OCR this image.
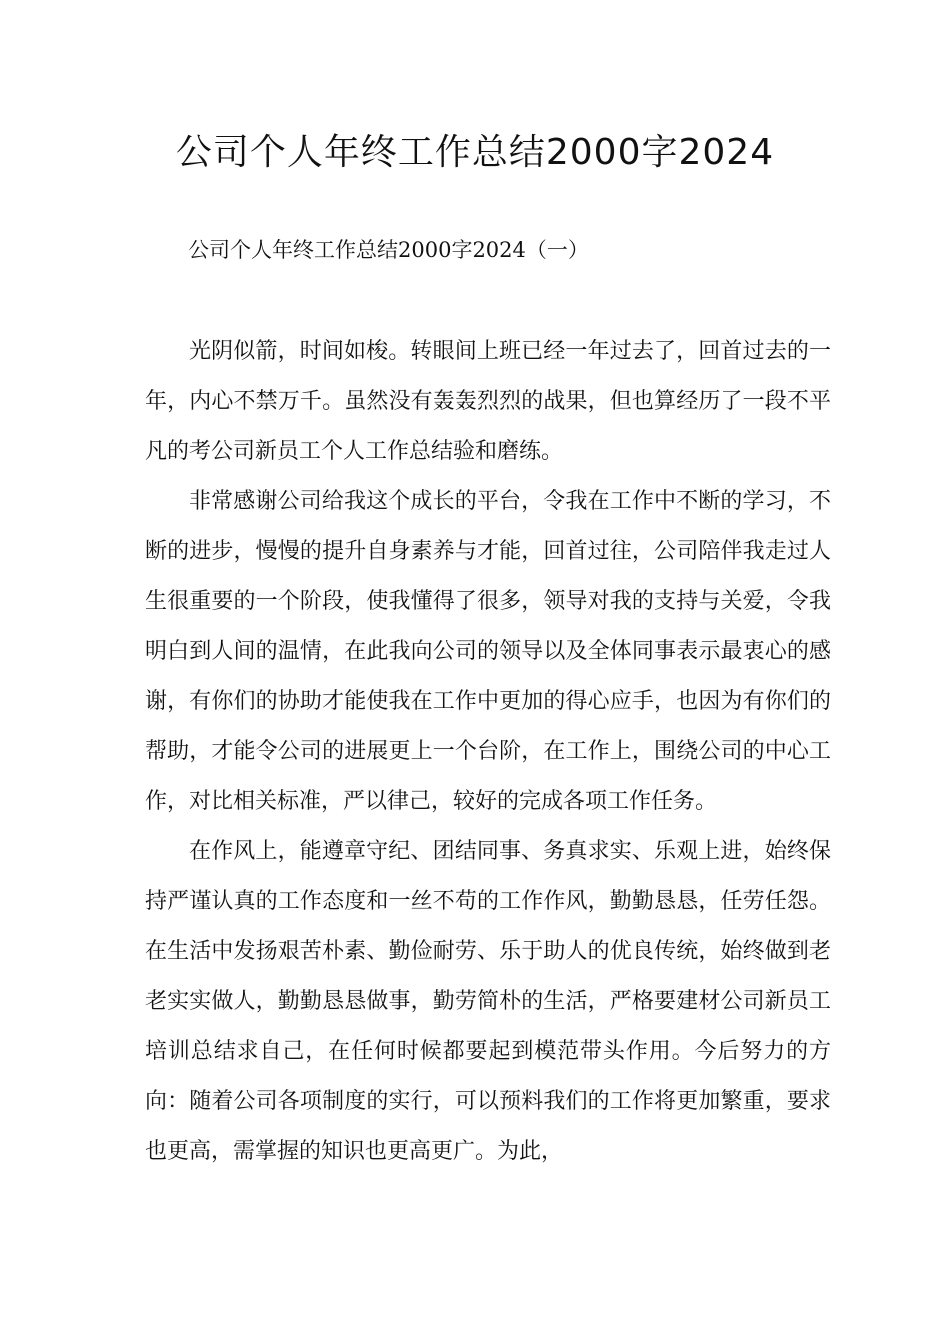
公司个人年终工作总结2000字2024

公司个人年终工作总结2000字2024（一）

光阴似箭，时间如梭。转眼间上班已经一年过去了，回首过去的一年，内心不禁万千。虽然没有轰轰烈烈的战果，但也算经历了一段不平凡的考公司新员工个人工作总结验和磨练。

非常感谢公司给我这个成长的平台，令我在工作中不断的学习，不断的进步，慢慢的提升自身素养与才能，回首过往，公司陪伴我走过人生很重要的一个阶段，使我懂得了很多，领导对我的支持与关爱，令我明白到人间的温情，在此我向公司的领导以及全体同事表示最衷心的感谢，有你们的协助才能使我在工作中更加的得心应手，也因为有你们的帮助，才能令公司的进展更上一个台阶，在工作上，围绕公司的中心工作，对比相关标准，严以律己，较好的完成各项工作任务。

在作风上，能遵章守纪、团结同事、务真求实、乐观上进，始终保持严谨认真的工作态度和一丝不苟的工作作风，勤勤恳恳，任劳任怨。在生活中发扬艰苦朴素、勤俭耐劳、乐于助人的优良传统，始终做到老老实实做人，勤勤恳恳做事，勤劳简朴的生活，严格要建材公司新员工培训总结求自己，在任何时候都要起到模范带头作用。今后努力的方向：随着公司各项制度的实行，可以预料我们的工作将更加繁重，要求也更高，需掌握的知识也更高更广。为此，
